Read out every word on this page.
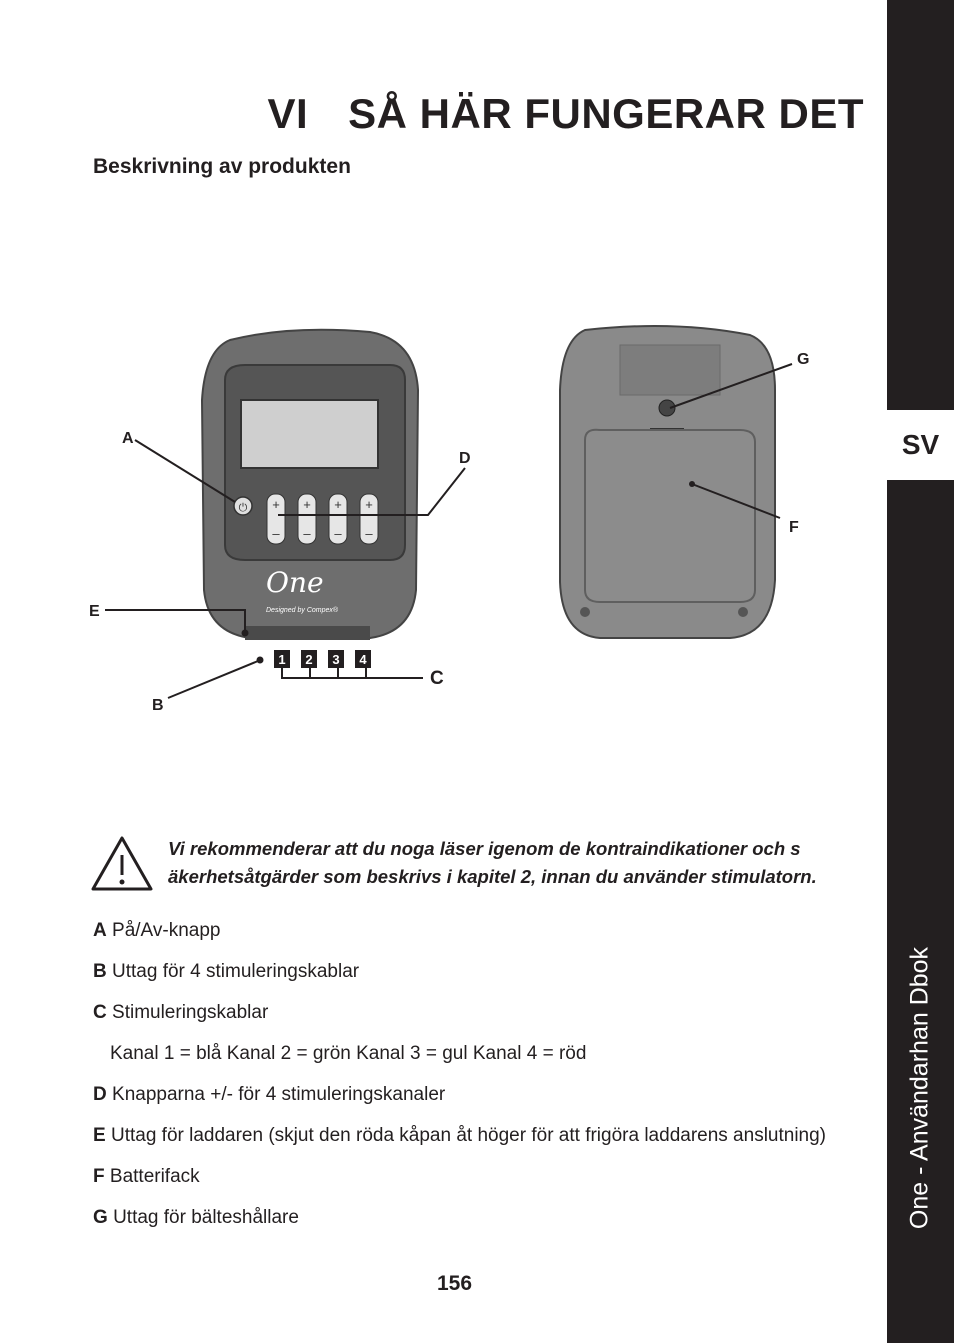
SV
One - Användarhan Dbok
VI SÅ HÄR FUNGERAR DET
Beskrivning av produkten
⏻ + + + +
– – – –
One
Designed by Compex®
1 2 3 4
A
B
C
D
E
F
G
Vi rekommenderar att du noga läser igenom de kontraindikationer och s äkerhetsåtgärder som beskrivs i kapitel 2, innan du använder stimulatorn.
A På/Av-knapp
B Uttag för 4 stimuleringskablar
C Stimuleringskablar
Kanal 1 = blå Kanal 2 = grön Kanal 3 = gul Kanal 4 = röd
D Knapparna +/- för 4 stimuleringskanaler
E Uttag för laddaren (skjut den röda kåpan åt höger för att frigöra laddarens anslutning)
F Batterifack
G Uttag för bälteshållare
156
